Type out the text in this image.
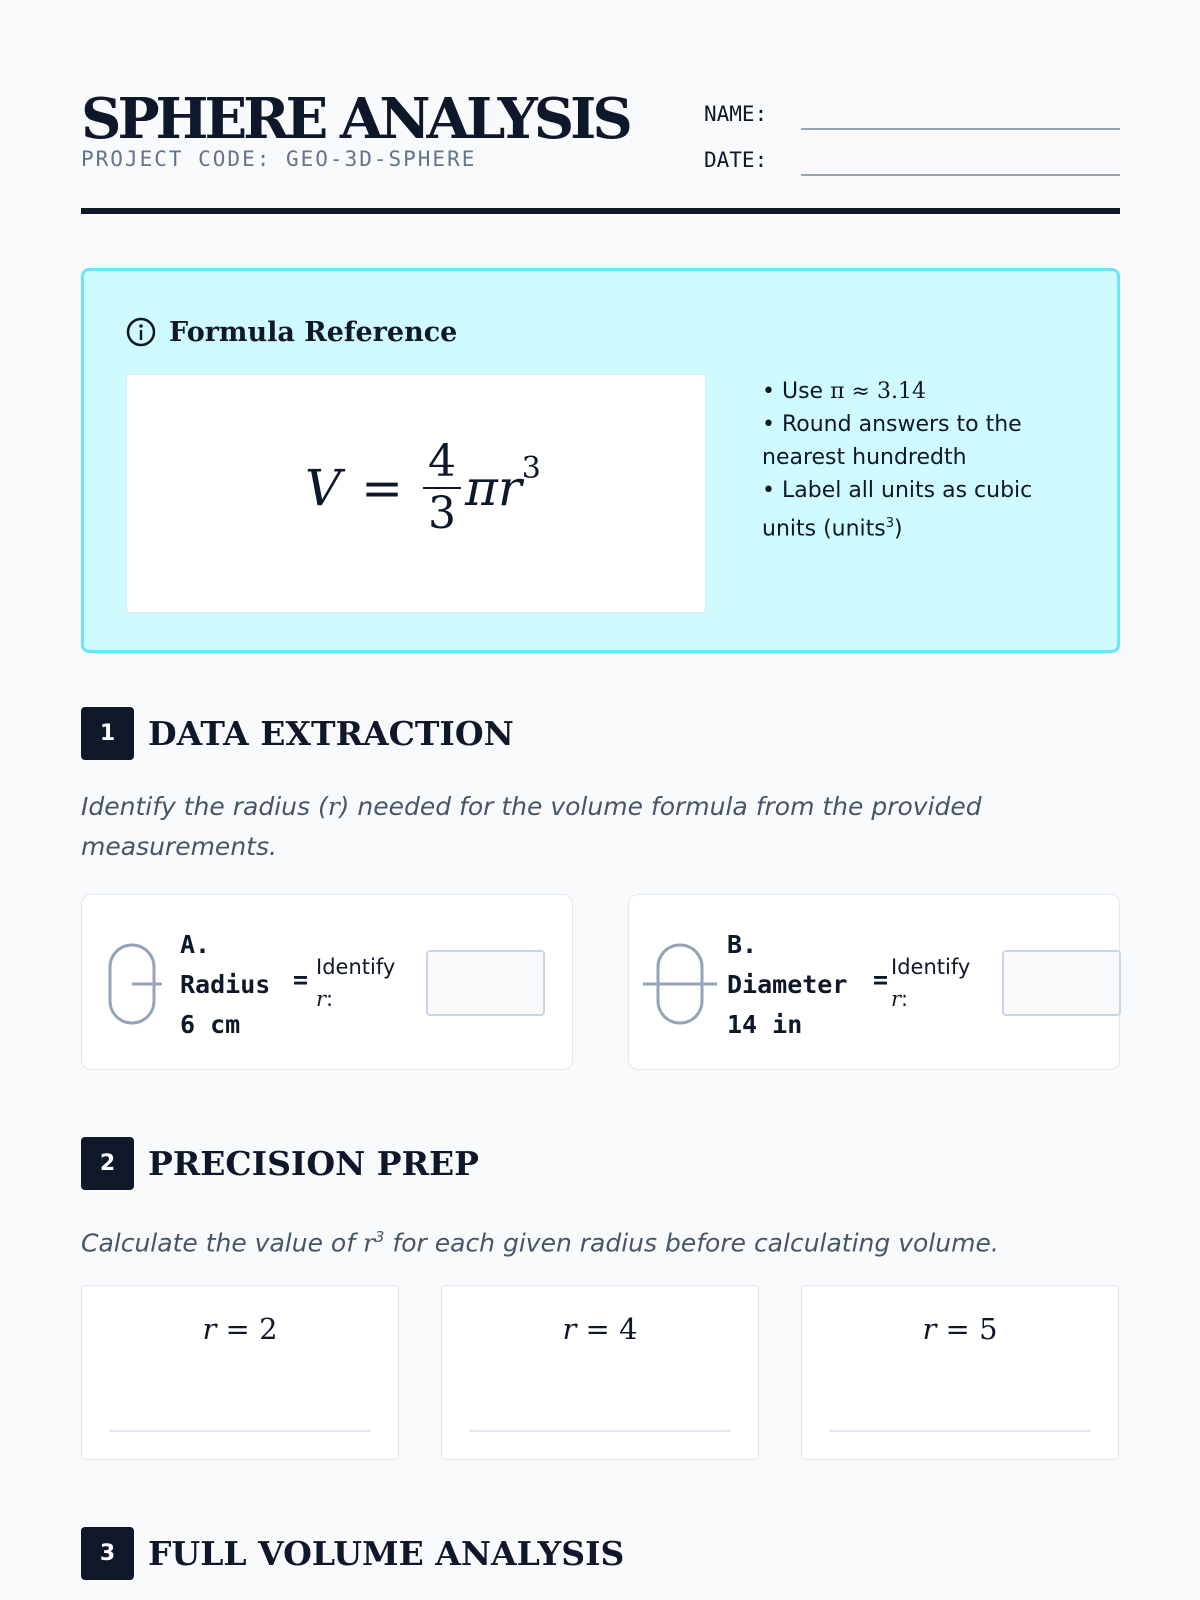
SPHERE ANALYSIS
PROJECT CODE: GEO-3D-SPHERE
NAME:
DATE:
Formula Reference
$V = \frac{4}{3} \pi r^3$
• Use π ≈ 3.14
• Round answers to the nearest hundredth
• Label all units as cubic units (units$^3$)
1 DATA EXTRACTION
Identify the radius (r) needed for the volume formula from the provided measurements.
A.
Radius
6 cm
= Identify
r:
B.
Diameter
14 in
= Identify
r:
2 PRECISION PREP
Calculate the value of $r^3$ for each given radius before calculating volume.
r = 2	r = 4	r = 5
3 FULL VOLUME ANALYSIS
